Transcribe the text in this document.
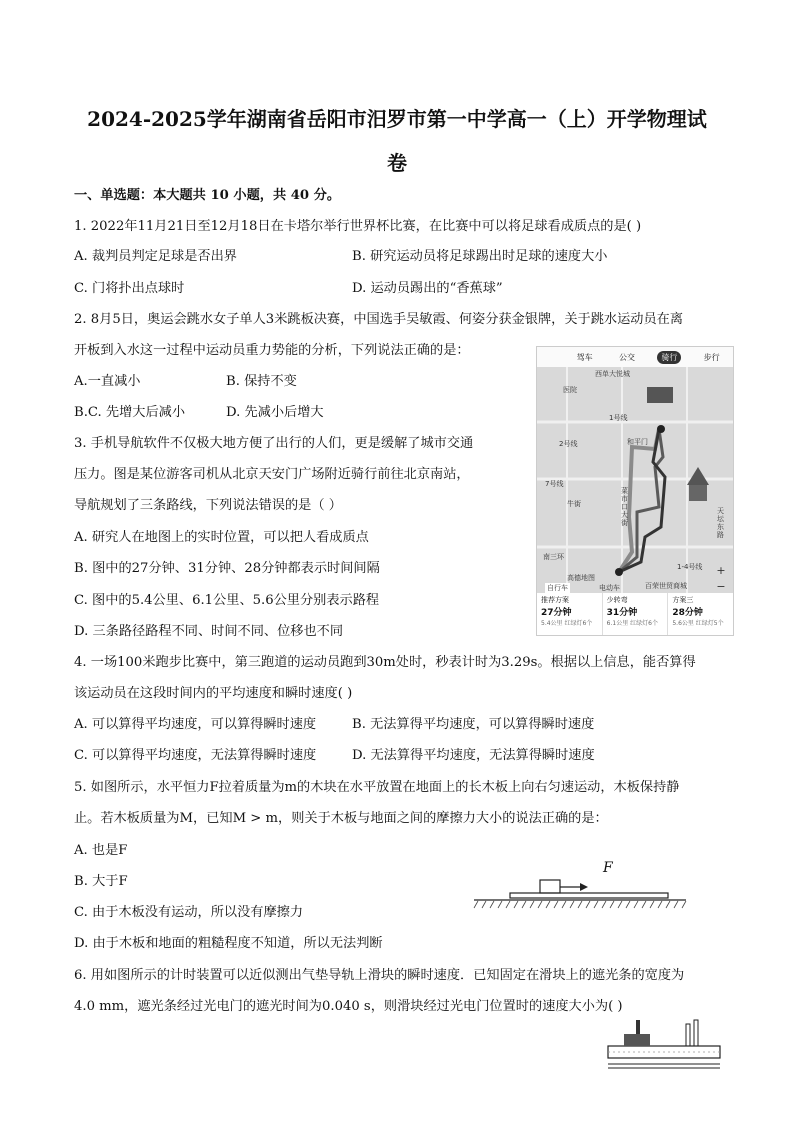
2024-2025学年湖南省岳阳市汨罗市第一中学高一（上）开学物理试
卷
一、单选题：本大题共 10 小题，共 40 分。
1. 2022年11月21日至12月18日在卡塔尔举行世界杯比赛，在比赛中可以将足球看成质点的是( )
A. 裁判员判定足球是否出界	B. 研究运动员将足球踢出时足球的速度大小
C. 门将扑出点球时	D. 运动员踢出的“香蕉球”
2. 8月5日，奥运会跳水女子单人3米跳板决赛，中国选手吴敏霞、何姿分获金银牌，关于跳水运动员在离
开板到入水这一过程中运动员重力势能的分析，下列说法正确的是：
A.一直减小	B. 保持不变
B.C. 先增大后减小	D. 先减小后增大
3. 手机导航软件不仅极大地方便了出行的人们，更是缓解了城市交通
压力。图是某位游客司机从北京天安门广场附近骑行前往北京南站，
导航规划了三条路线，下列说法错误的是（ ）
A. 研究人在地图上的实时位置，可以把人看成质点
B. 图中的27分钟、31分钟、28分钟都表示时间间隔
C. 图中的5.4公里、6.1公里、5.6公里分别表示路程
D. 三条路径路程不同、时间不同、位移也不同
驾车	公交	骑行	步行
医院
西单大悦城
1号线
2号线	和平门
7号线
牛街
菜市口大街
南三环
天坛东路
1-4号线
高德地图
+
−
自行车	电动车	百荣世贸商城
推荐方案
27分钟
5.4公里 红绿灯6个
少转弯
31分钟
6.1公里 红绿灯6个
方案三
28分钟
5.6公里 红绿灯5个
4. 一场100米跑步比赛中，第三跑道的运动员跑到30m处时，秒表计时为3.29s。根据以上信息，能否算得
该运动员在这段时间内的平均速度和瞬时速度( )
A. 可以算得平均速度，可以算得瞬时速度	B. 无法算得平均速度，可以算得瞬时速度
C. 可以算得平均速度，无法算得瞬时速度	D. 无法算得平均速度，无法算得瞬时速度
5. 如图所示，水平恒力F拉着质量为m的木块在水平放置在地面上的长木板上向右匀速运动，木板保持静
止。若木板质量为M，已知M > m，则关于木板与地面之间的摩擦力大小的说法正确的是：
A. 也是F
B. 大于F
C. 由于木板没有运动，所以没有摩擦力
D. 由于木板和地面的粗糙程度不知道，所以无法判断
F
6. 用如图所示的计时装置可以近似测出气垫导轨上滑块的瞬时速度．已知固定在滑块上的遮光条的宽度为
4.0 mm，遮光条经过光电门的遮光时间为0.040 s，则滑块经过光电门位置时的速度大小为( )
